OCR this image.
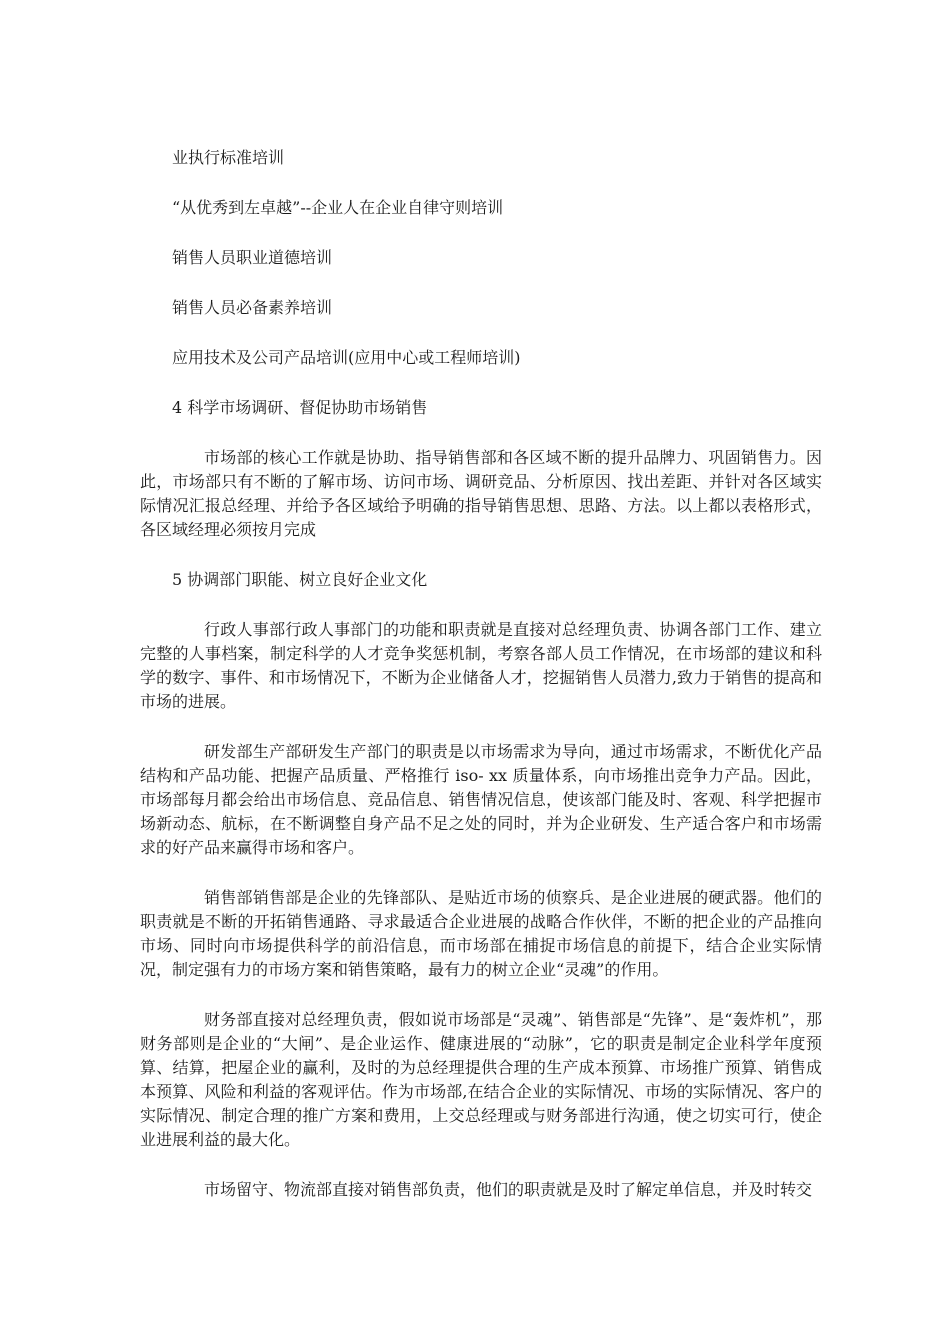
业执行标准培训
“从优秀到左卓越”--企业人在企业自律守则培训
销售人员职业道德培训
销售人员必备素养培训
应用技术及公司产品培训(应用中心或工程师培训)
4 科学市场调研、督促协助市场销售

市场部的核心工作就是协助、指导销售部和各区域不断的提升品牌力、巩固销售力。因此，市场部只有不断的了解市场、访问市场、调研竞品、分析原因、找出差距、并针对各区域实际情况汇报总经理、并给予各区域给予明确的指导销售思想、思路、方法。以上都以表格形式，各区域经理必须按月完成

5 协调部门职能、树立良好企业文化

行政人事部行政人事部门的功能和职责就是直接对总经理负责、协调各部门工作、建立完整的人事档案，制定科学的人才竞争奖惩机制，考察各部人员工作情况，在市场部的建议和科学的数字、事件、和市场情况下，不断为企业储备人才，挖掘销售人员潜力,致力于销售的提高和市场的进展。

研发部生产部研发生产部门的职责是以市场需求为导向，通过市场需求，不断优化产品结构和产品功能、把握产品质量、严格推行 iso- xx 质量体系，向市场推出竞争力产品。因此，市场部每月都会给出市场信息、竞品信息、销售情况信息，使该部门能及时、客观、科学把握市场新动态、航标，在不断调整自身产品不足之处的同时，并为企业研发、生产适合客户和市场需求的好产品来赢得市场和客户。

销售部销售部是企业的先锋部队、是贴近市场的侦察兵、是企业进展的硬武器。他们的职责就是不断的开拓销售通路、寻求最适合企业进展的战略合作伙伴，不断的把企业的产品推向市场、同时向市场提供科学的前沿信息，而市场部在捕捉市场信息的前提下，结合企业实际情况，制定强有力的市场方案和销售策略，最有力的树立企业“灵魂”的作用。

财务部直接对总经理负责，假如说市场部是“灵魂”、销售部是“先锋”、是“轰炸机”，那财务部则是企业的“大闸”、是企业运作、健康进展的“动脉”，它的职责是制定企业科学年度预算、结算，把屋企业的赢利，及时的为总经理提供合理的生产成本预算、市场推广预算、销售成本预算、风险和利益的客观评估。作为市场部,在结合企业的实际情况、市场的实际情况、客户的实际情况、制定合理的推广方案和费用，上交总经理或与财务部进行沟通，使之切实可行，使企业进展利益的最大化。

市场留守、物流部直接对销售部负责，他们的职责就是及时了解定单信息，并及时转交
